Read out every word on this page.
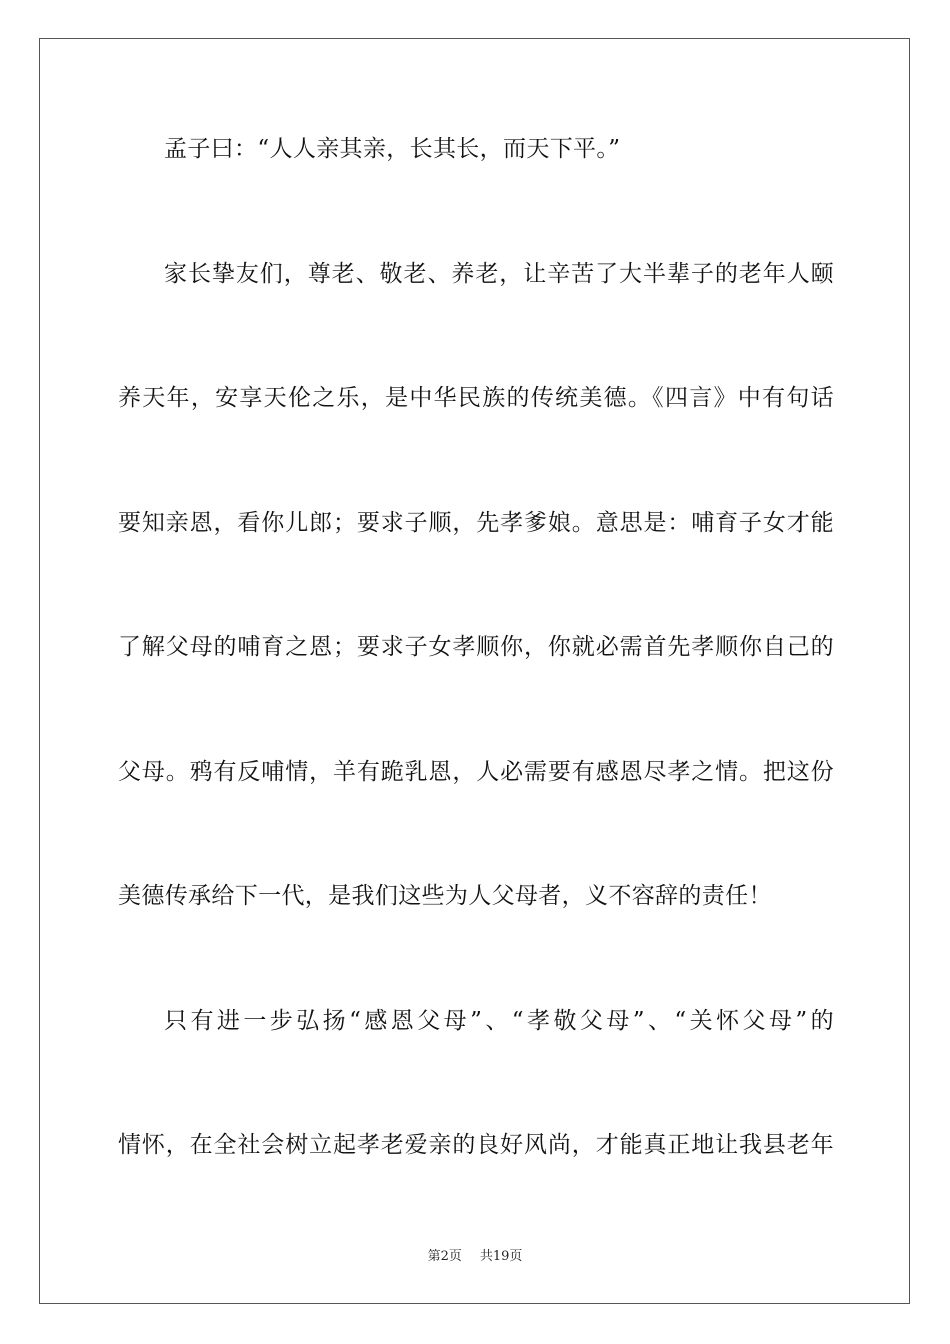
孟子曰：“人人亲其亲，长其长，而天下平。”
家长挚友们，尊老、敬老、养老，让辛苦了大半辈子的老年人颐
养天年，安享天伦之乐，是中华民族的传统美德。《四言》中有句话
要知亲恩，看你儿郎；要求子顺，先孝爹娘。意思是：哺育子女才能
了解父母的哺育之恩；要求子女孝顺你，你就必需首先孝顺你自己的
父母。鸦有反哺情，羊有跪乳恩，人必需要有感恩尽孝之情。把这份
美德传承给下一代，是我们这些为人父母者，义不容辞的责任！
只有进一步弘扬“感恩父母”、“孝敬父母”、“关怀父母”的
情怀，在全社会树立起孝老爱亲的良好风尚，才能真正地让我县老年
第2页 共19页
